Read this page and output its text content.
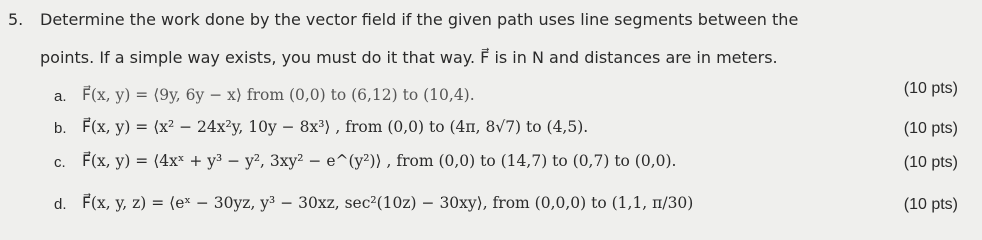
5. Determine the work done by the vector field if the given path uses line segments between the
points. If a simple way exists, you must do it that way. F⃗ is in N and distances are in meters.
a. F⃗(x, y) = ⟨9y, 6y − x⟩ from (0,0) to (6,12) to (10,4).	(10 pts)
b. F⃗(x, y) = ⟨x² − 24x²y, 10y − 8x³⟩ , from (0,0) to (4π, 8√7) to (4,5).	(10 pts)
c. F⃗(x, y) = ⟨4xˣ + y³ − y², 3xy² − e^(y²)⟩ , from (0,0) to (14,7) to (0,7) to (0,0).	(10 pts)
d. F⃗(x, y, z) = ⟨eˣ − 30yz, y³ − 30xz, sec²(10z) − 30xy⟩, from (0,0,0) to (1,1, π/30)	(10 pts)
